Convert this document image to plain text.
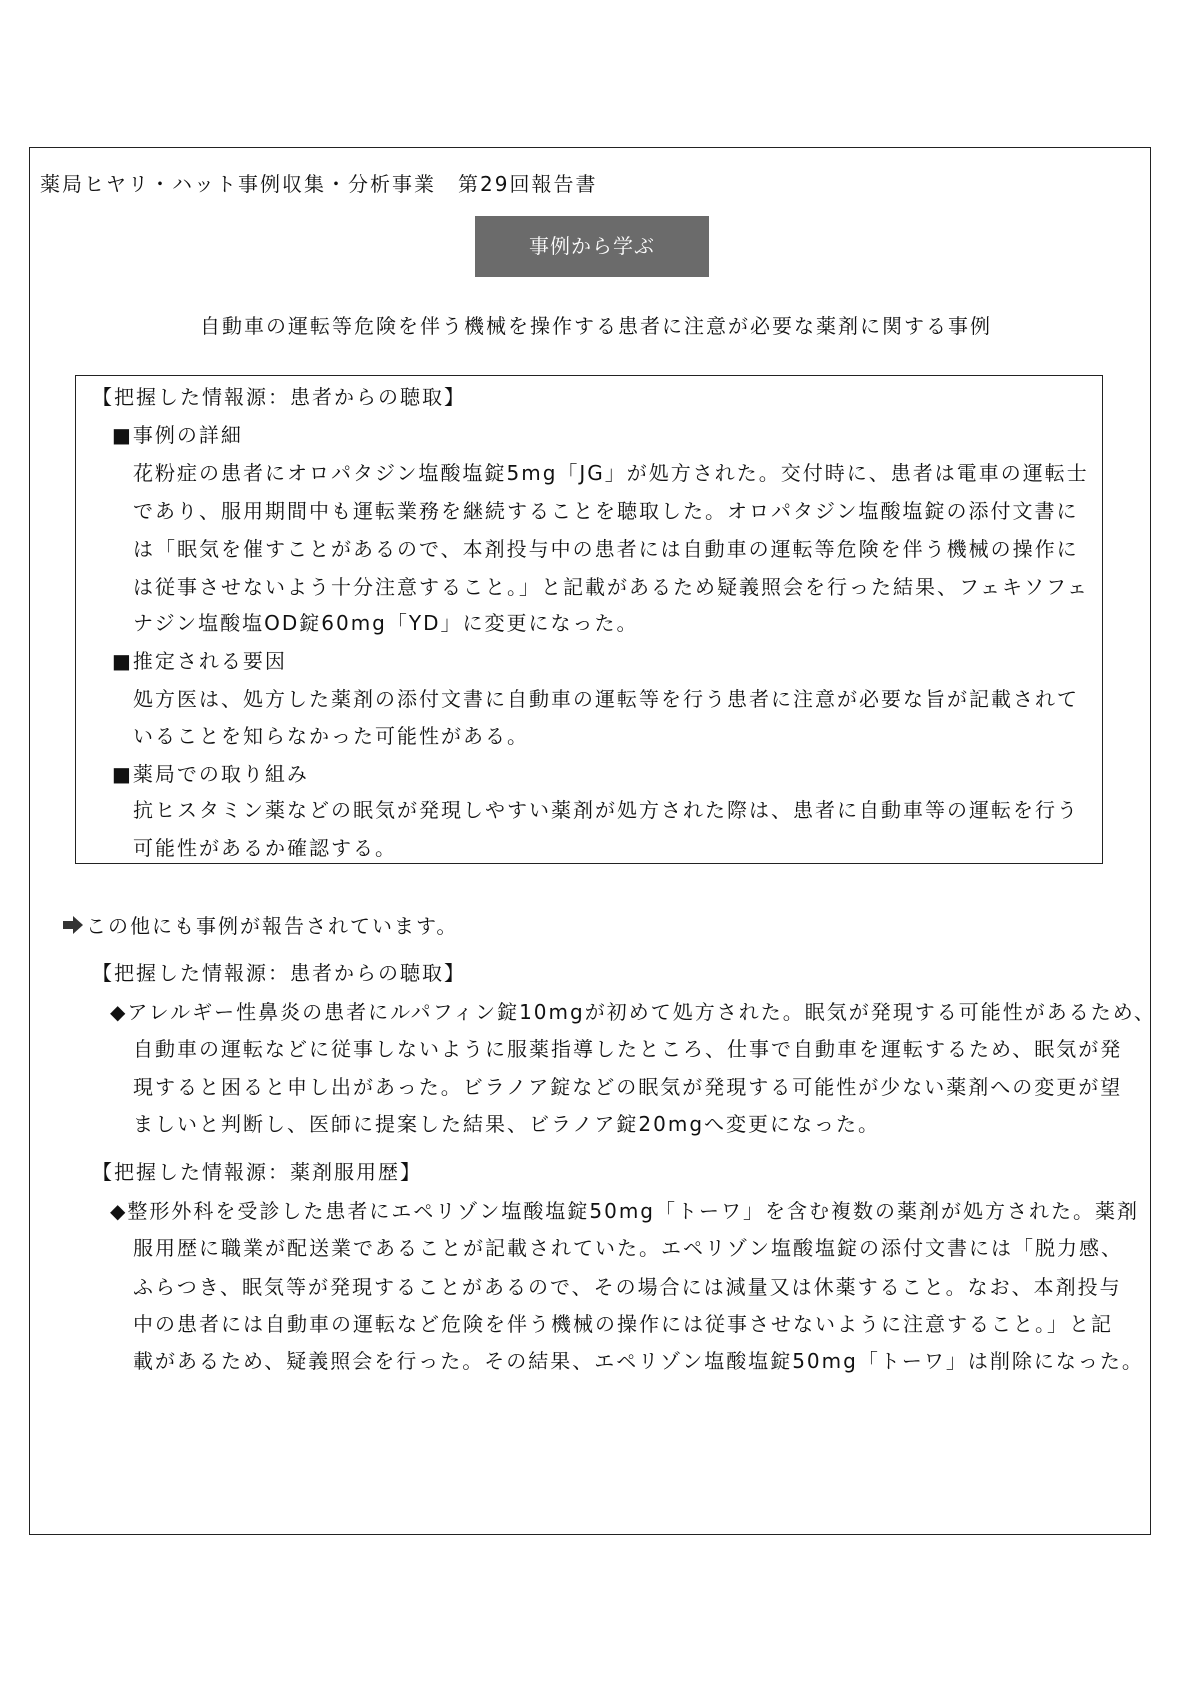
薬局ヒヤリ・ハット事例収集・分析事業　第29回報告書
事例から学ぶ
自動車の運転等危険を伴う機械を操作する患者に注意が必要な薬剤に関する事例
【把握した情報源：患者からの聴取】
■事例の詳細
花粉症の患者にオロパタジン塩酸塩錠5mg「JG」が処方された。交付時に、患者は電車の運転士
であり、服用期間中も運転業務を継続することを聴取した。オロパタジン塩酸塩錠の添付文書に
は「眠気を催すことがあるので、本剤投与中の患者には自動車の運転等危険を伴う機械の操作に
は従事させないよう十分注意すること。」と記載があるため疑義照会を行った結果、フェキソフェ
ナジン塩酸塩OD錠60mg「YD」に変更になった。
■推定される要因
処方医は、処方した薬剤の添付文書に自動車の運転等を行う患者に注意が必要な旨が記載されて
いることを知らなかった可能性がある。
■薬局での取り組み
抗ヒスタミン薬などの眠気が発現しやすい薬剤が処方された際は、患者に自動車等の運転を行う
可能性があるか確認する。
この他にも事例が報告されています。
【把握した情報源：患者からの聴取】
◆アレルギー性鼻炎の患者にルパフィン錠10mgが初めて処方された。眠気が発現する可能性があるため、
自動車の運転などに従事しないように服薬指導したところ、仕事で自動車を運転するため、眠気が発
現すると困ると申し出があった。ビラノア錠などの眠気が発現する可能性が少ない薬剤への変更が望
ましいと判断し、医師に提案した結果、ビラノア錠20mgへ変更になった。
【把握した情報源：薬剤服用歴】
◆整形外科を受診した患者にエペリゾン塩酸塩錠50mg「トーワ」を含む複数の薬剤が処方された。薬剤
服用歴に職業が配送業であることが記載されていた。エペリゾン塩酸塩錠の添付文書には「脱力感、
ふらつき、眠気等が発現することがあるので、その場合には減量又は休薬すること。なお、本剤投与
中の患者には自動車の運転など危険を伴う機械の操作には従事させないように注意すること。」と記
載があるため、疑義照会を行った。その結果、エペリゾン塩酸塩錠50mg「トーワ」は削除になった。
